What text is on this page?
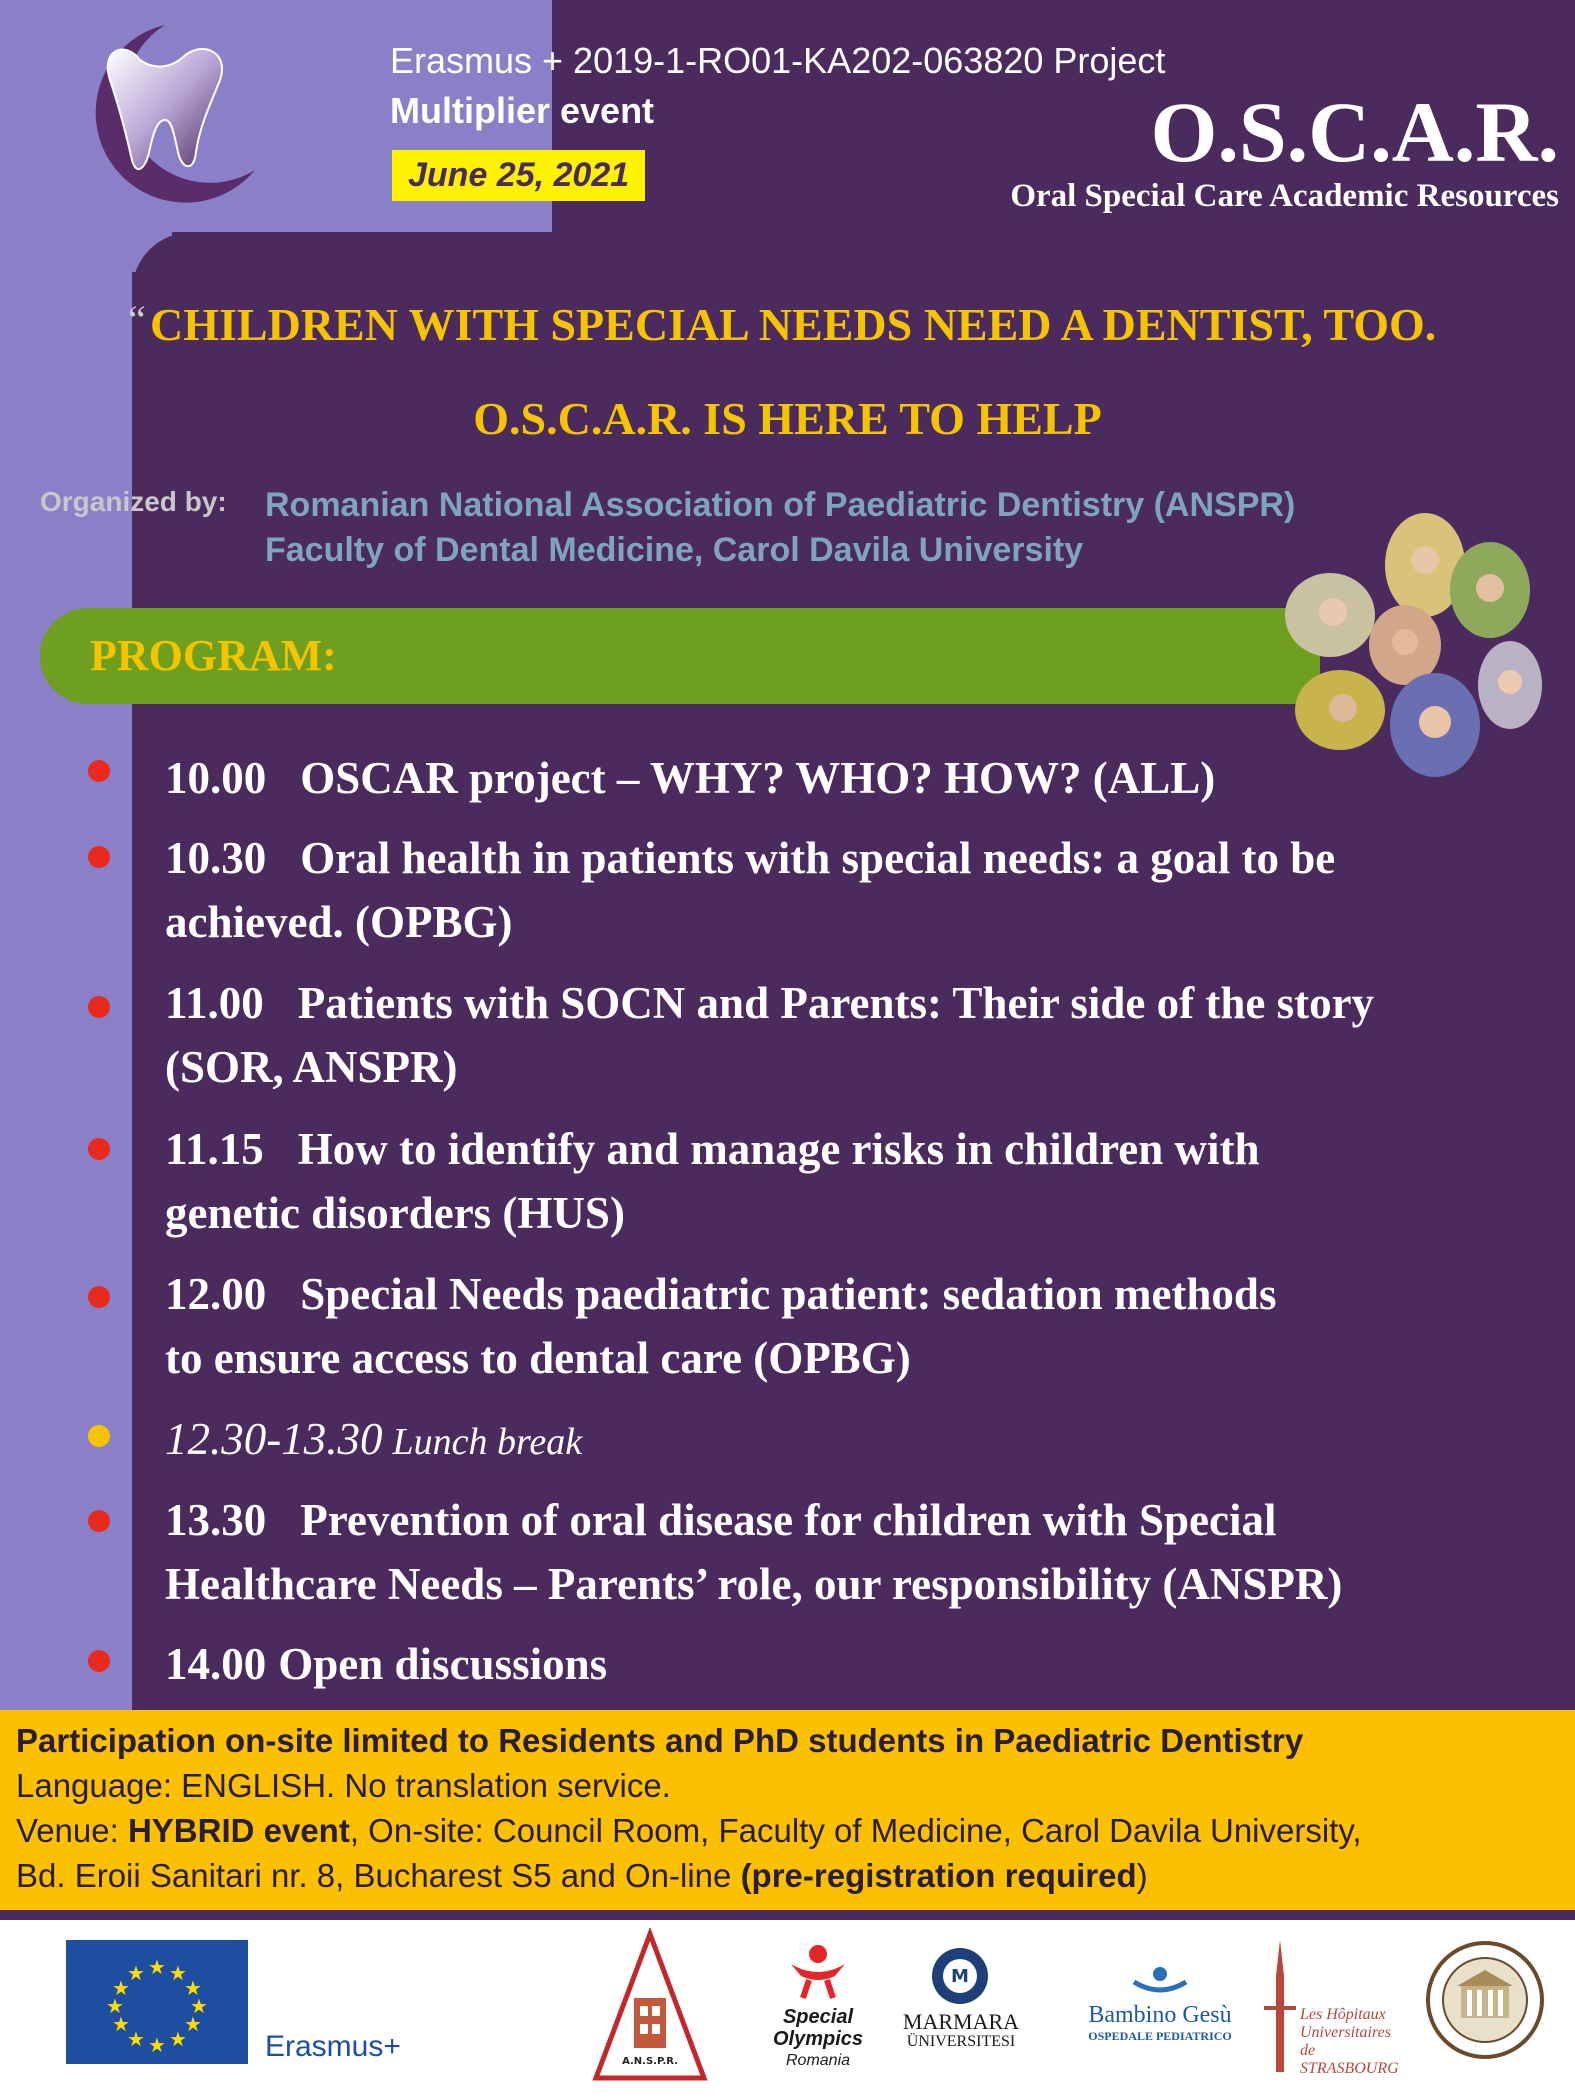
Erasmus + 2019-1-RO01-KA202-063820 Project
Multiplier event
June 25, 2021	O.S.C.A.R.
Oral Special Care Academic Resources
“ CHILDREN WITH SPECIAL NEEDS NEED A DENTIST, TOO.
O.S.C.A.R. IS HERE TO HELP
Organized by: Romanian National Association of Paediatric Dentistry (ANSPR)
Faculty of Dental Medicine, Carol Davila University
PROGRAM:
10.00 OSCAR project – WHY? WHO? HOW? (ALL)
10.30 Oral health in patients with special needs: a goal to be
achieved. (OPBG)
11.00 Patients with SOCN and Parents: Their side of the story
(SOR, ANSPR)
11.15 How to identify and manage risks in children with
genetic disorders (HUS)
12.00 Special Needs paediatric patient: sedation methods
to ensure access to dental care (OPBG)
12.30-13.30 Lunch break
13.30 Prevention of oral disease for children with Special
Healthcare Needs – Parents’ role, our responsibility (ANSPR)
14.00 Open discussions
Participation on-site limited to Residents and PhD students in Paediatric Dentistry
Language: ENGLISH. No translation service.
Venue: HYBRID event, On-site: Council Room, Faculty of Medicine, Carol Davila University,
Bd. Eroii Sanitari nr. 8, Bucharest S5 and On-line (pre-registration required)
★ ★
★
★
★
★
★
★
★
★
★
★
Erasmus+	A.N.S.P.R.
Special
Olympics
Romania
M
MARMARA
ÜNIVERSITESI
Bambino Gesù
OSPEDALE PEDIATRICO
Les Hôpitaux
Universitaires
de STRASBOURG
